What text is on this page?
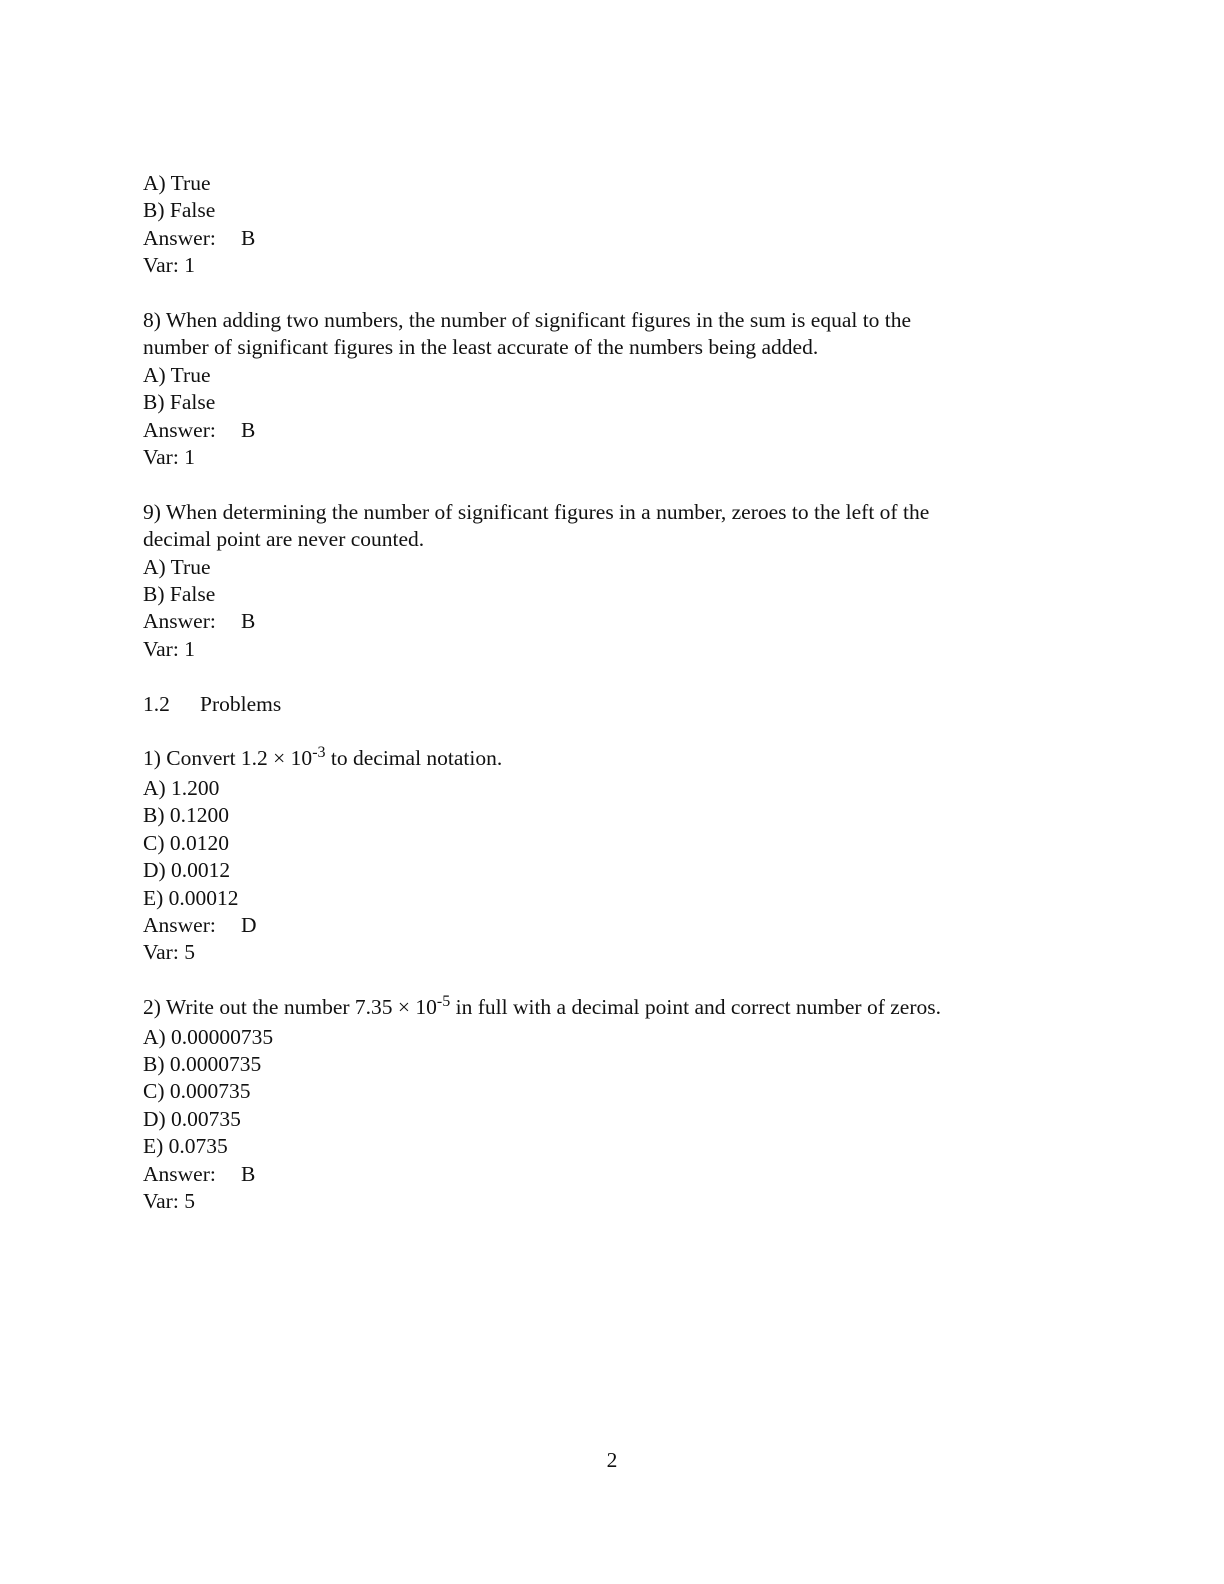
A) True
B) False
Answer: B
Var: 1
8) When adding two numbers, the number of significant figures in the sum is equal to the
number of significant figures in the least accurate of the numbers being added.
A) True
B) False
Answer: B
Var: 1
9) When determining the number of significant figures in a number, zeroes to the left of the
decimal point are never counted.
A) True
B) False
Answer: B
Var: 1
1.2 Problems
1) Convert $1.2 \times 10^{-3}$ to decimal notation.
A) 1.200
B) 0.1200
C) 0.0120
D) 0.0012
E) 0.00012
Answer: D
Var: 5
2) Write out the number $7.35 \times 10^{-5}$ in full with a decimal point and correct number of zeros.
A) 0.00000735
B) 0.0000735
C) 0.000735
D) 0.00735
E) 0.0735
Answer: B
Var: 5
2
